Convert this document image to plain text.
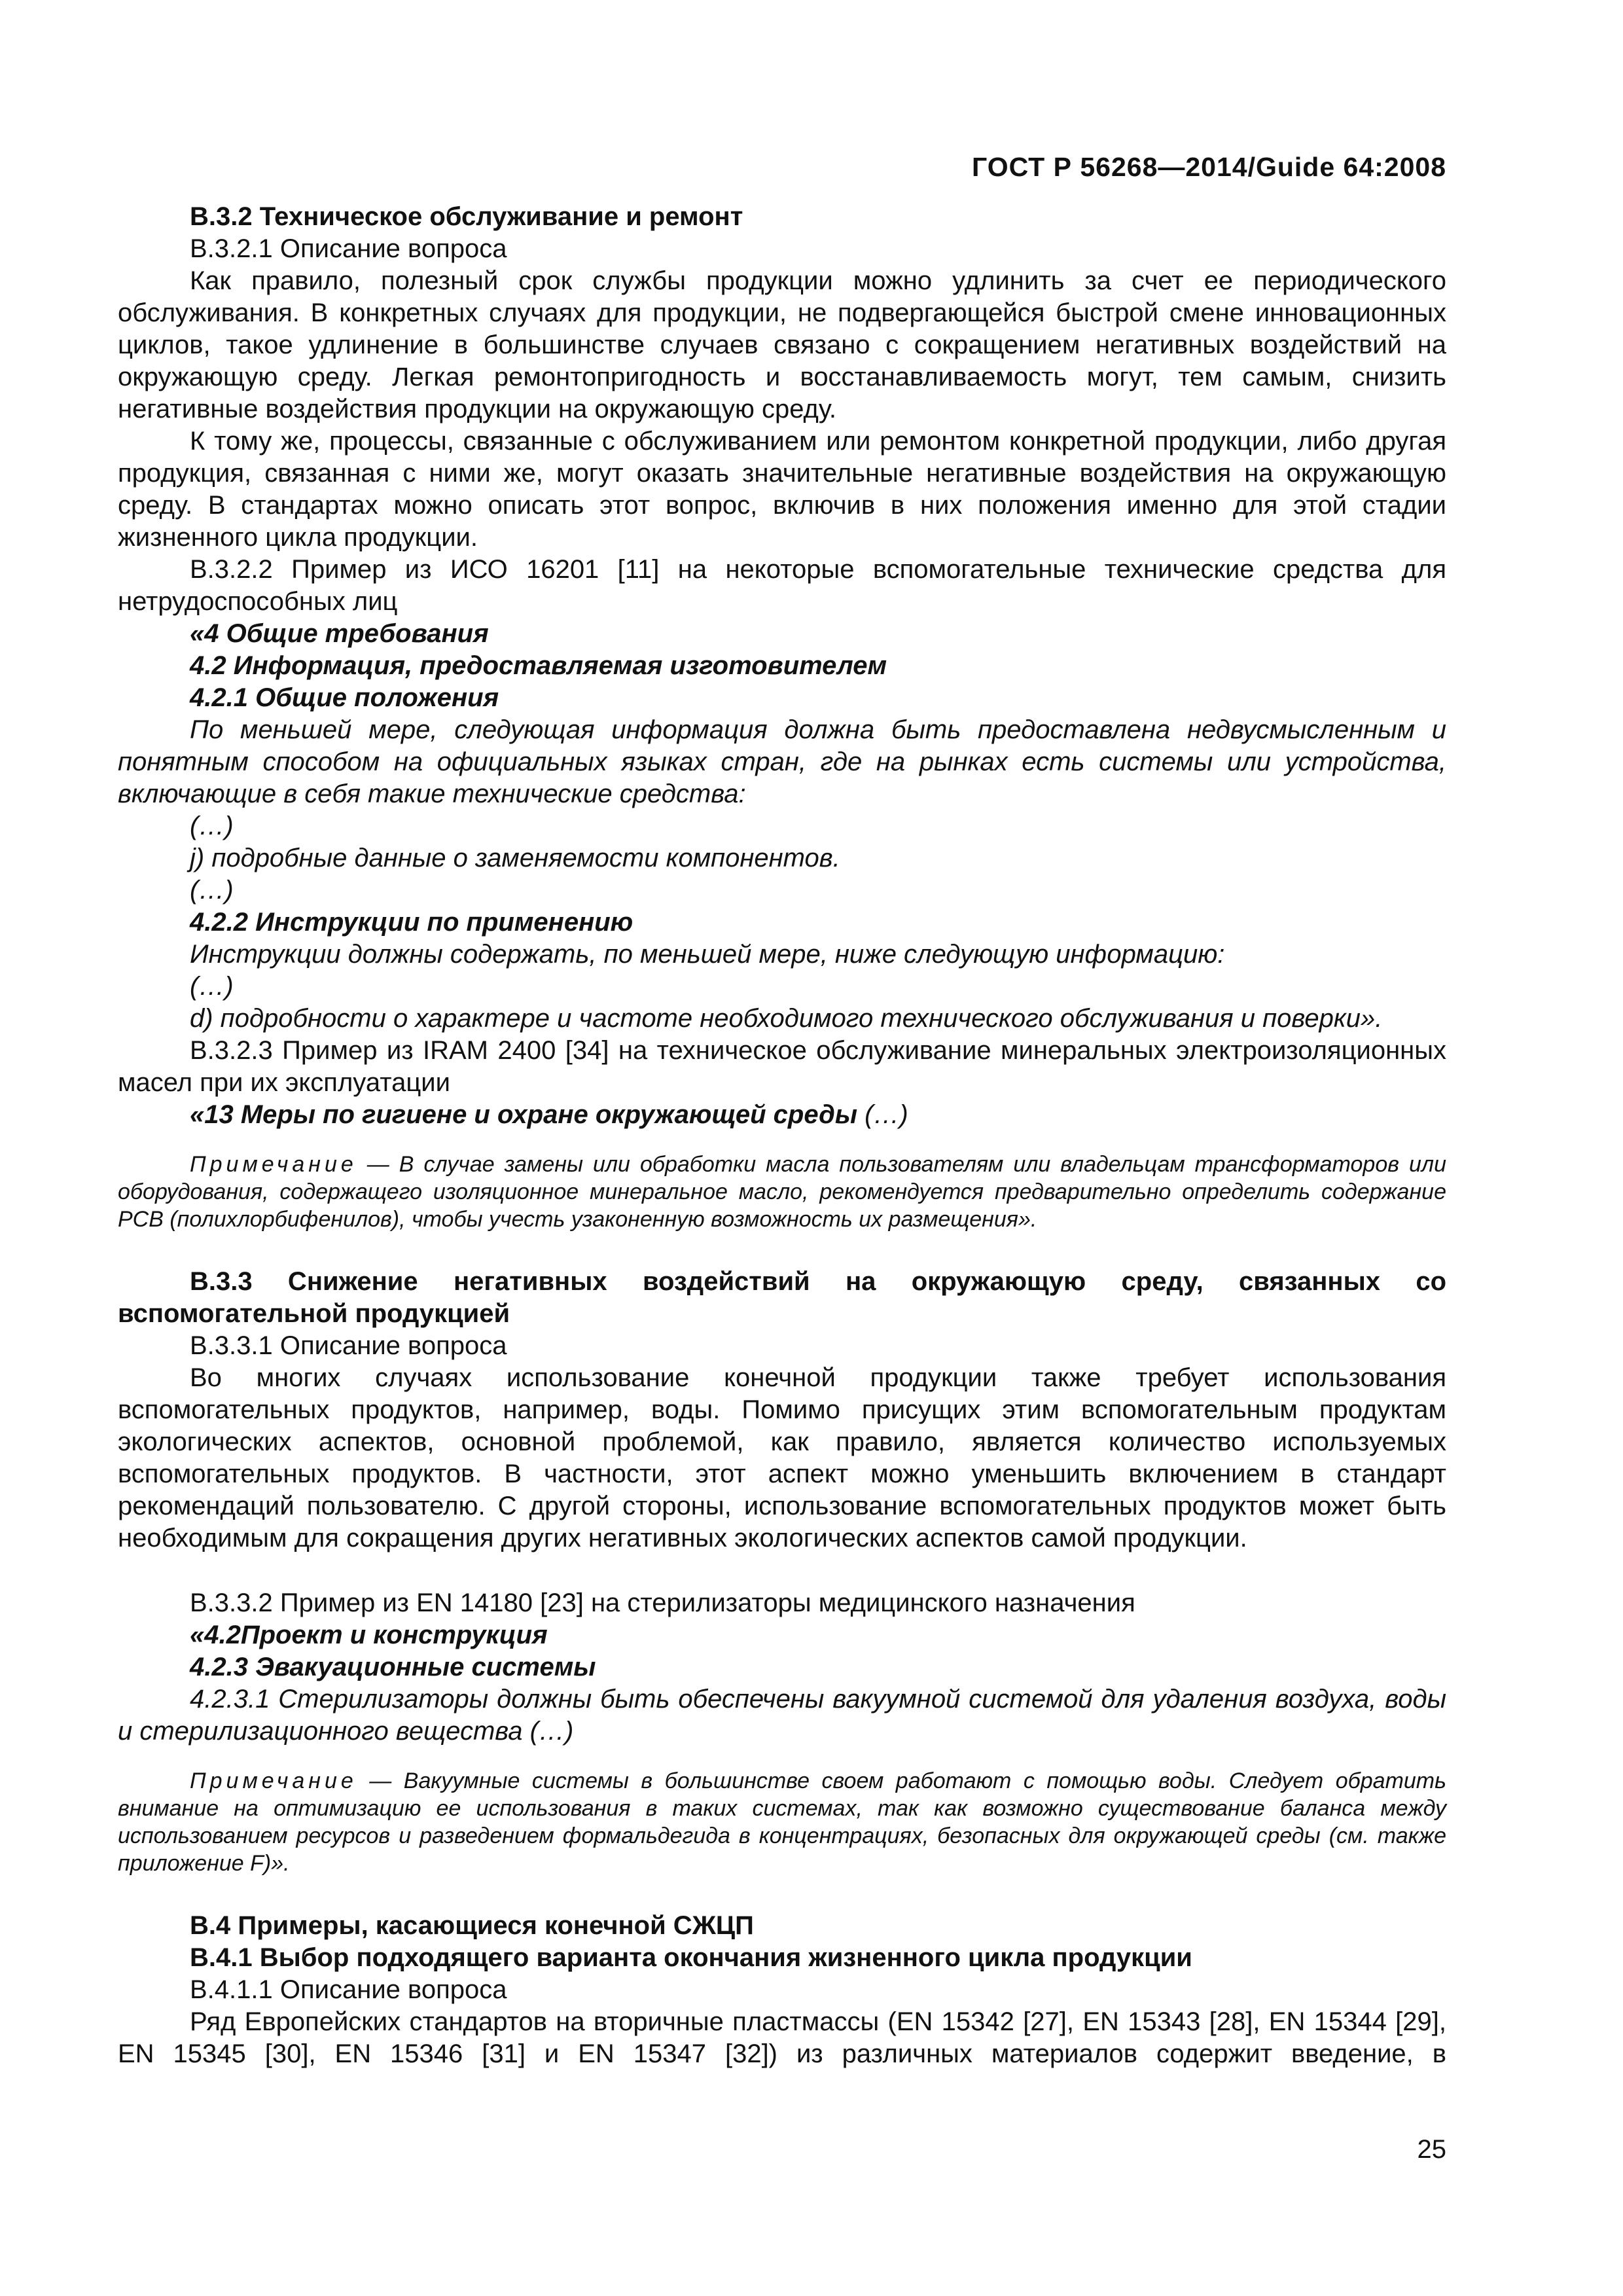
ГОСТ Р 56268—2014/Guide 64:2008

В.3.2 Техническое обслуживание и ремонт

В.3.2.1 Описание вопроса

Как правило, полезный срок службы продукции можно удлинить за счет ее периодического обслуживания. В конкретных случаях для продукции, не подвергающейся быстрой смене инновационных циклов, такое удлинение в большинстве случаев связано с сокращением негативных воздействий на окружающую среду. Легкая ремонтопригодность и восстанавливаемость могут, тем самым, снизить негативные воздействия продукции на окружающую среду.

К тому же, процессы, связанные с обслуживанием или ремонтом конкретной продукции, либо другая продукция, связанная с ними же, могут оказать значительные негативные воздействия на окружающую среду. В стандартах можно описать этот вопрос, включив в них положения именно для этой стадии жизненного цикла продукции.

В.3.2.2 Пример из ИСО 16201 [11] на некоторые вспомогательные технические средства для нетрудоспособных лиц

«4 Общие требования

4.2 Информация, предоставляемая изготовителем

4.2.1 Общие положения

По меньшей мере, следующая информация должна быть предоставлена недвусмысленным и понятным способом на официальных языках стран, где на рынках есть системы или устройства, включающие в себя такие технические средства:

(…)

j) подробные данные о заменяемости компонентов.

(…)

4.2.2 Инструкции по применению

Инструкции должны содержать, по меньшей мере, ниже следующую информацию:

(…)

d) подробности о характере и частоте необходимого технического обслуживания и поверки».

В.3.2.3 Пример из IRAM 2400 [34] на техническое обслуживание минеральных электроизоляционных масел при их эксплуатации

«13 Меры по гигиене и охране окружающей среды (…)

Примечание — В случае замены или обработки масла пользователям или владельцам трансформаторов или оборудования, содержащего изоляционное минеральное масло, рекомендуется предварительно определить содержание PCB (полихлорбифенилов), чтобы учесть узаконенную возможность их размещения».

В.3.3 Снижение негативных воздействий на окружающую среду, связанных со вспомогательной продукцией

В.3.3.1 Описание вопроса

Во многих случаях использование конечной продукции также требует использования вспомогательных продуктов, например, воды. Помимо присущих этим вспомогательным продуктам экологических аспектов, основной проблемой, как правило, является количество используемых вспомогательных продуктов. В частности, этот аспект можно уменьшить включением в стандарт рекомендаций пользователю. С другой стороны, использование вспомогательных продуктов может быть необходимым для сокращения других негативных экологических аспектов самой продукции.

В.3.3.2 Пример из EN 14180 [23] на стерилизаторы медицинского назначения

«4.2Проект и конструкция

4.2.3 Эвакуационные системы

4.2.3.1 Стерилизаторы должны быть обеспечены вакуумной системой для удаления воздуха, воды и стерилизационного вещества (…)

Примечание — Вакуумные системы в большинстве своем работают с помощью воды. Следует обратить внимание на оптимизацию ее использования в таких системах, так как возможно существование баланса между использованием ресурсов и разведением формальдегида в концентрациях, безопасных для окружающей среды (см. также приложение F)».

В.4 Примеры, касающиеся конечной СЖЦП

В.4.1 Выбор подходящего варианта окончания жизненного цикла продукции

В.4.1.1 Описание вопроса

Ряд Европейских стандартов на вторичные пластмассы (EN 15342 [27], EN 15343 [28], EN 15344 [29], EN 15345 [30], EN 15346 [31] и EN 15347 [32]) из различных материалов содержит введение, в

25
